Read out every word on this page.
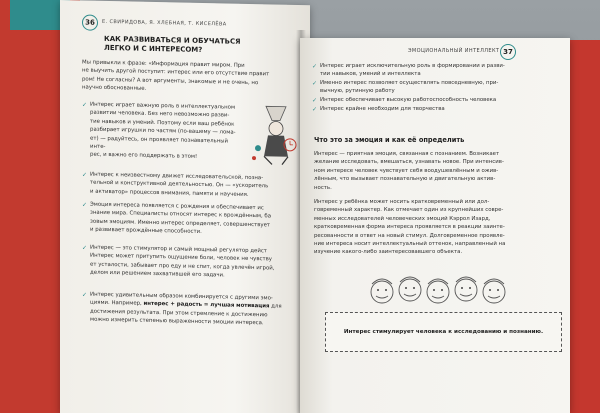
36	Е. СВИРИДОВА, Я. ХЛЕБНАЯ, Т. КИСЕЛЁВА
КАК РАЗВИВАТЬСЯ И ОБУЧАТЬСЯ
ЛЕГКО И С ИНТЕРЕСОМ?
Мы привыкли к фразе: «Информация правит миром. При
не выучить другой поступит: интерес или его отсутствие правит
ром! Не согласны? А вот аргументы, знакомые и не очень, но
научно обоснованные.
✓ Интерес играет важную роль в интеллектуальном
развитии человека. Без него невозможно разви-
тие навыков и умений. Поэтому если ваш ребёнок
разбирает игрушки по частям (по-вашему — лома-
ет) — радуйтесь, он проявляет познавательный инте-
рес, и важно его поддержать в этом!
✓ Интерес к неизвестному движет исследовательской, позна-
тельной и конструктивной деятельностью. Он — «ускоритель
и активатор» процессов внимания, памяти и научения.
✓ Эмоция интереса появляется с рождения и обеспечивает ис
знание мира. Специалисты относят интерес к врождённым, ба
зовым эмоциям. Именно интерес определяет, совершенствует
и развивает врождённые способности.
✓ Интерес — это стимулятор и самый мощный регулятор дейст
Интерес может притупить ощущение боли, человек не чувству
ет усталости, забывает про еду и не спит, когда увлечён игрой,
делом или решением захватившей его задачи.
✓ Интерес удивительным образом комбинируется с другими эмо-
циями. Например, интерес + радость = лучшая мотивация для
достижения результата. При этом стремление к достижению
можно измерить степенью выраженности эмоции интереса.
ЭМОЦИОНАЛЬНЫЙ ИНТЕЛЛЕКТ 37
✓ Интерес играет исключительную роль в формировании и разви-
тии навыков, умений и интеллекта
✓ Именно интерес позволяет осуществлять повседневную, при-
вычную, рутинную работу
✓ Интерес обеспечивает высокую работоспособность человека
✓ Интерес крайне необходим для творчества
Что это за эмоция и как её определить
Интерес — приятная эмоция, связанная с познанием. Возникает
желание исследовать, вмешаться, узнавать новое. При интенсив-
ном интересе человек чувствует себя воодушевлённым и ожив-
лённым, что вызывает познавательную и двигательную актив-
ность.
Интерес у ребёнка может носить кратковременный или дол-
говременный характер. Как отмечает один из крупнейших совре-
менных исследователей человеческих эмоций Кэррол Изард,
кратковременная форма интереса проявляется в реакции заинте-
ресованности в ответ на новый стимул. Долговременное проявле-
ние интереса носит интеллектуальный оттенок, направленный на
изучение какого-либо заинтересовавшего объекта.
Интерес стимулирует человека к исследованию и познанию.
